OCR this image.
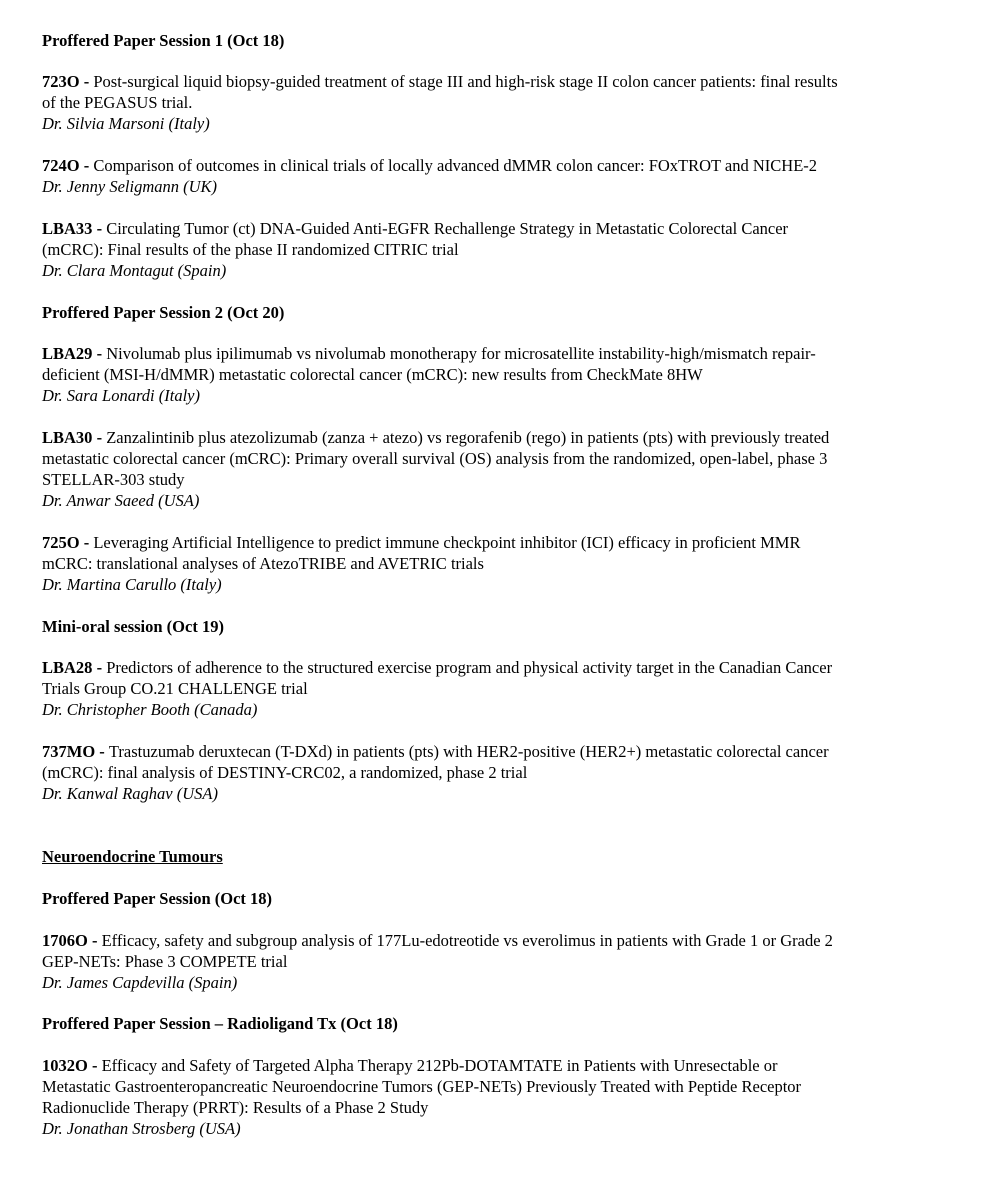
Proffered Paper Session 1 (Oct 18)
723O - Post-surgical liquid biopsy-guided treatment of stage III and high-risk stage II colon cancer patients: final results
of the PEGASUS trial.
Dr. Silvia Marsoni (Italy)
724O - Comparison of outcomes in clinical trials of locally advanced dMMR colon cancer: FOxTROT and NICHE-2
Dr. Jenny Seligmann (UK)
LBA33 - Circulating Tumor (ct) DNA-Guided Anti-EGFR Rechallenge Strategy in Metastatic Colorectal Cancer
(mCRC): Final results of the phase II randomized CITRIC trial
Dr. Clara Montagut (Spain)
Proffered Paper Session 2 (Oct 20)
LBA29 - Nivolumab plus ipilimumab vs nivolumab monotherapy for microsatellite instability-high/mismatch repair-
deficient (MSI-H/dMMR) metastatic colorectal cancer (mCRC): new results from CheckMate 8HW
Dr. Sara Lonardi (Italy)
LBA30 - Zanzalintinib plus atezolizumab (zanza + atezo) vs regorafenib (rego) in patients (pts) with previously treated
metastatic colorectal cancer (mCRC): Primary overall survival (OS) analysis from the randomized, open-label, phase 3
STELLAR-303 study
Dr. Anwar Saeed (USA)
725O - Leveraging Artificial Intelligence to predict immune checkpoint inhibitor (ICI) efficacy in proficient MMR
mCRC: translational analyses of AtezoTRIBE and AVETRIC trials
Dr. Martina Carullo (Italy)
Mini-oral session (Oct 19)
LBA28 - Predictors of adherence to the structured exercise program and physical activity target in the Canadian Cancer
Trials Group CO.21 CHALLENGE trial
Dr. Christopher Booth (Canada)
737MO - Trastuzumab deruxtecan (T-DXd) in patients (pts) with HER2-positive (HER2+) metastatic colorectal cancer
(mCRC): final analysis of DESTINY-CRC02, a randomized, phase 2 trial
Dr. Kanwal Raghav (USA)
Neuroendocrine Tumours
Proffered Paper Session (Oct 18)
1706O - Efficacy, safety and subgroup analysis of 177Lu-edotreotide vs everolimus in patients with Grade 1 or Grade 2
GEP-NETs: Phase 3 COMPETE trial
Dr. James Capdevilla (Spain)
Proffered Paper Session – Radioligand Tx (Oct 18)
1032O - Efficacy and Safety of Targeted Alpha Therapy 212Pb-DOTAMTATE in Patients with Unresectable or
Metastatic Gastroenteropancreatic Neuroendocrine Tumors (GEP-NETs) Previously Treated with Peptide Receptor
Radionuclide Therapy (PRRT): Results of a Phase 2 Study
Dr. Jonathan Strosberg (USA)
